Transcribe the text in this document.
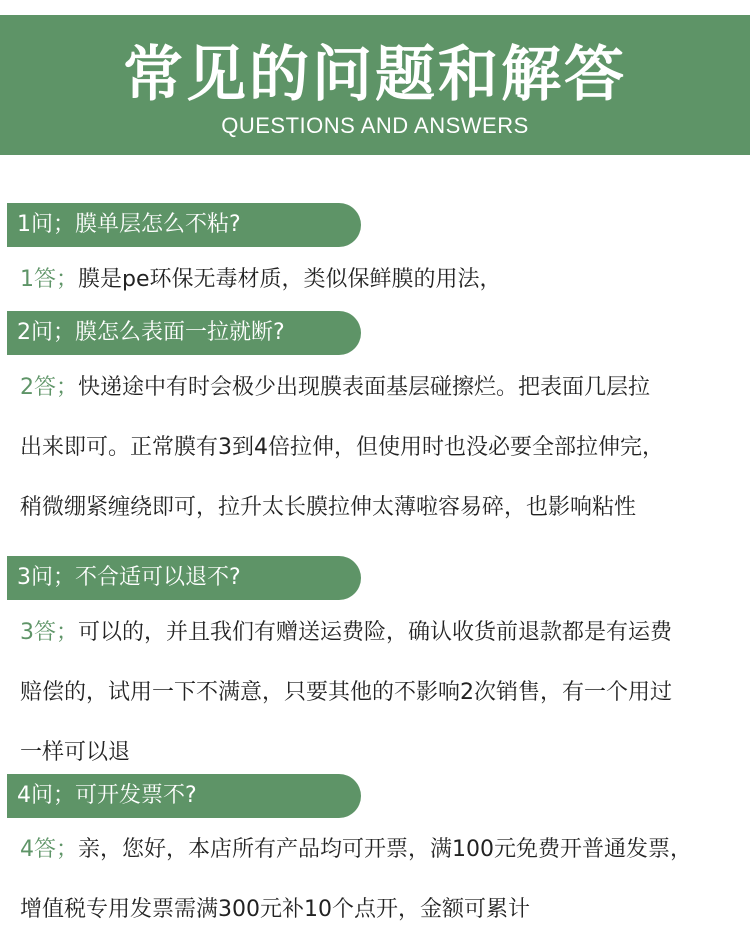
常见的问题和解答
QUESTIONS AND ANSWERS
1问；膜单层怎么不粘?
1答；膜是pe环保无毒材质，类似保鲜膜的用法，
2问；膜怎么表面一拉就断?
2答；快递途中有时会极少出现膜表面基层碰擦烂。把表面几层拉
出来即可。正常膜有3到4倍拉伸，但使用时也没必要全部拉伸完，
稍微绷紧缠绕即可，拉升太长膜拉伸太薄啦容易碎，也影响粘性
3问；不合适可以退不?
3答；可以的，并且我们有赠送运费险，确认收货前退款都是有运费
赔偿的，试用一下不满意，只要其他的不影响2次销售，有一个用过
一样可以退
4问；可开发票不?
4答；亲，您好，本店所有产品均可开票，满100元免费开普通发票，
增值税专用发票需满300元补10个点开，金额可累计
